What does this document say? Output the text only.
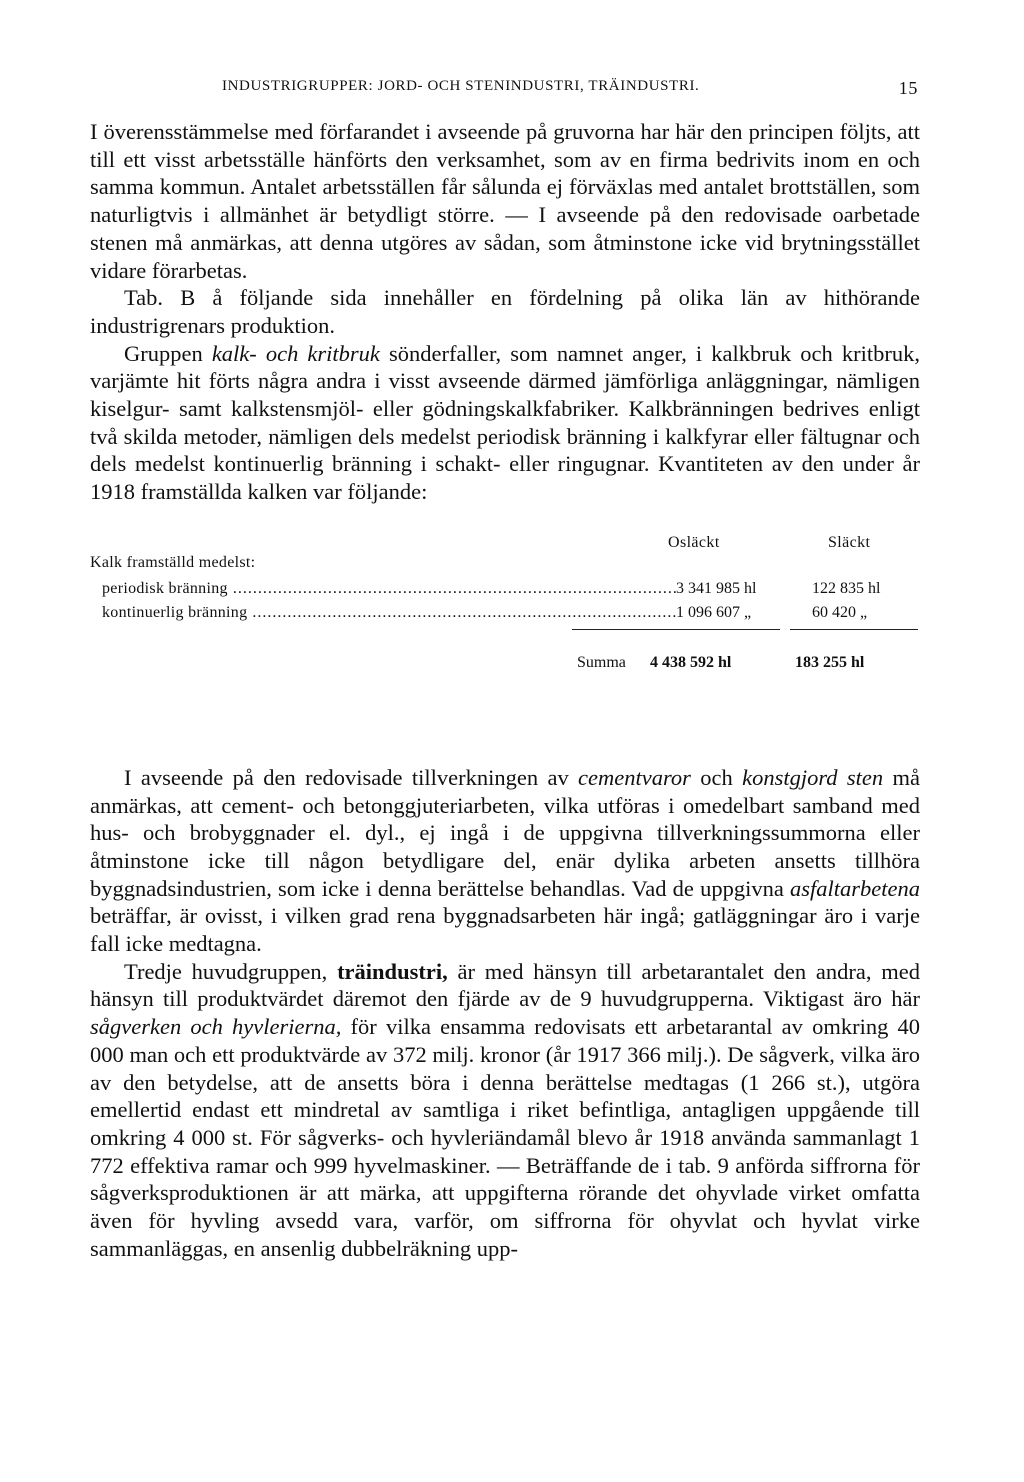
INDUSTRIGRUPPER: JORD- OCH STENINDUSTRI, TRÄINDUSTRI.	15

I överensstämmelse med förfarandet i avseende på gruvorna har här den principen följts, att till ett visst arbetsställe hänförts den verksamhet, som av en firma bedrivits inom en och samma kommun. Antalet arbetsställen får sålunda ej förväxlas med antalet brottställen, som naturligtvis i allmänhet är betydligt större. — I avseende på den redovisade oarbetade stenen må anmärkas, att denna utgöres av sådan, som åtminstone icke vid brytningsstället vidare förarbetas.

Tab. B å följande sida innehåller en fördelning på olika län av hithörande industrigrenars produktion.

Gruppen kalk- och kritbruk sönderfaller, som namnet anger, i kalkbruk och kritbruk, varjämte hit förts några andra i visst avseende därmed jämförliga anläggningar, nämligen kiselgur- samt kalkstensmjöl- eller gödningskalkfabriker. Kalkbränningen bedrives enligt två skilda metoder, nämligen dels medelst periodisk bränning i kalkfyrar eller fältugnar och dels medelst kontinuerlig bränning i schakt- eller ringugnar. Kvantiteten av den under år 1918 framställda kalken var följande:

Osläckt	Släckt
Kalk framställd medelst:
periodisk bränning .....	3 341 985 hl	122 835 hl
kontinuerlig bränning .....	1 096 607 „	60 420 „
Summa 4 438 592 hl	183 255 hl

I avseende på den redovisade tillverkningen av cementvaror och konstgjord sten må anmärkas, att cement- och betonggjuteriarbeten, vilka utföras i omedelbart samband med hus- och brobyggnader el. dyl., ej ingå i de uppgivna tillverkningssummorna eller åtminstone icke till någon betydligare del, enär dylika arbeten ansetts tillhöra byggnadsindustrien, som icke i denna berättelse behandlas. Vad de uppgivna asfaltarbetena beträffar, är ovisst, i vilken grad rena byggnadsarbeten här ingå; gatläggningar äro i varje fall icke medtagna.

Tredje huvudgruppen, träindustri, är med hänsyn till arbetarantalet den andra, med hänsyn till produktvärdet däremot den fjärde av de 9 huvudgrupperna. Viktigast äro här sågverken och hyvlerierna, för vilka ensamma redovisats ett arbetarantal av omkring 40 000 man och ett produktvärde av 372 milj. kronor (år 1917 366 milj.). De sågverk, vilka äro av den betydelse, att de ansetts böra i denna berättelse medtagas (1 266 st.), utgöra emellertid endast ett mindretal av samtliga i riket befintliga, antagligen uppgående till omkring 4 000 st. För sågverks- och hyvleriändamål blevo år 1918 använda sammanlagt 1 772 effektiva ramar och 999 hyvelmaskiner. — Beträffande de i tab. 9 anförda siffrorna för sågverksproduktionen är att märka, att uppgifterna rörande det ohyvlade virket omfatta även för hyvling avsedd vara, varför, om siffrorna för ohyvlat och hyvlat virke sammanläggas, en ansenlig dubbelräkning upp-
